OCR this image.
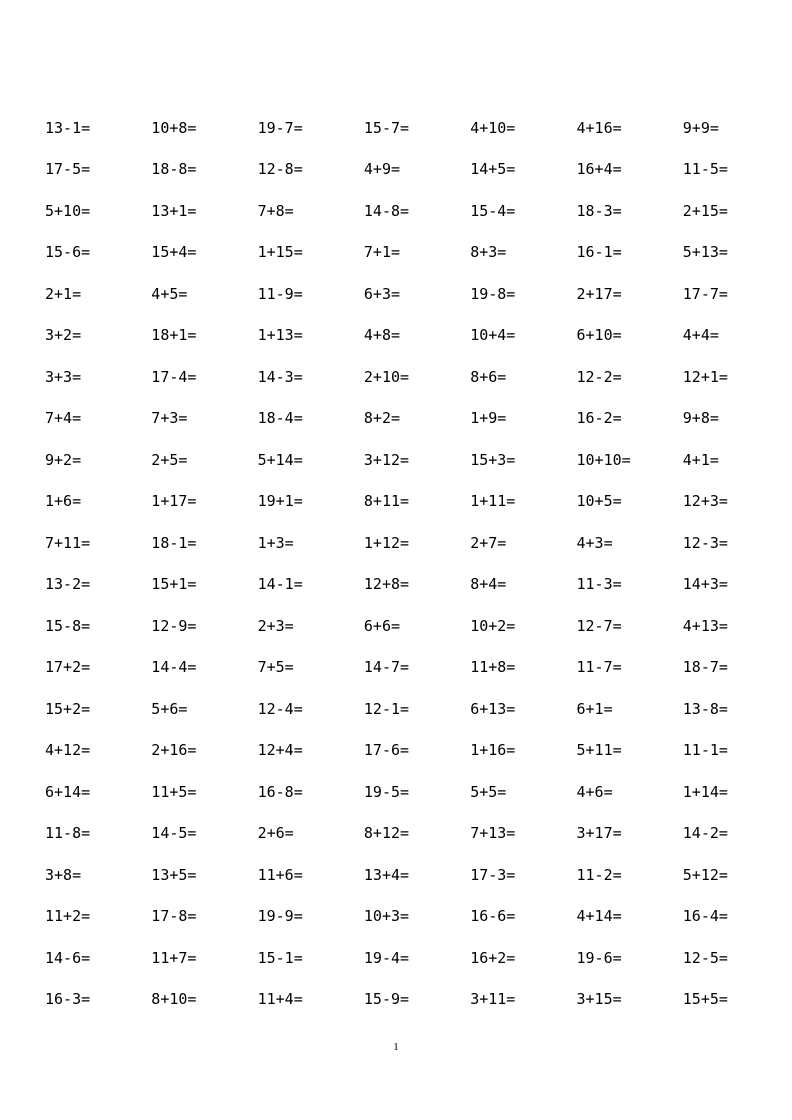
13-1=	10+8=	19-7=	15-7=	4+10=	4+16=	9+9=
17-5=	18-8=	12-8=	4+9=	14+5=	16+4=	11-5=
5+10=	13+1=	7+8=	14-8=	15-4=	18-3=	2+15=
15-6=	15+4=	1+15=	7+1=	8+3=	16-1=	5+13=
2+1=	4+5=	11-9=	6+3=	19-8=	2+17=	17-7=
3+2=	18+1=	1+13=	4+8=	10+4=	6+10=	4+4=
3+3=	17-4=	14-3=	2+10=	8+6=	12-2=	12+1=
7+4=	7+3=	18-4=	8+2=	1+9=	16-2=	9+8=
9+2=	2+5=	5+14=	3+12=	15+3=	10+10=	4+1=
1+6=	1+17=	19+1=	8+11=	1+11=	10+5=	12+3=
7+11=	18-1=	1+3=	1+12=	2+7=	4+3=	12-3=
13-2=	15+1=	14-1=	12+8=	8+4=	11-3=	14+3=
15-8=	12-9=	2+3=	6+6=	10+2=	12-7=	4+13=
17+2=	14-4=	7+5=	14-7=	11+8=	11-7=	18-7=
15+2=	5+6=	12-4=	12-1=	6+13=	6+1=	13-8=
4+12=	2+16=	12+4=	17-6=	1+16=	5+11=	11-1=
6+14=	11+5=	16-8=	19-5=	5+5=	4+6=	1+14=
11-8=	14-5=	2+6=	8+12=	7+13=	3+17=	14-2=
3+8=	13+5=	11+6=	13+4=	17-3=	11-2=	5+12=
11+2=	17-8=	19-9=	10+3=	16-6=	4+14=	16-4=
14-6=	11+7=	15-1=	19-4=	16+2=	19-6=	12-5=
16-3=	8+10=	11+4=	15-9=	3+11=	3+15=	15+5=
1
